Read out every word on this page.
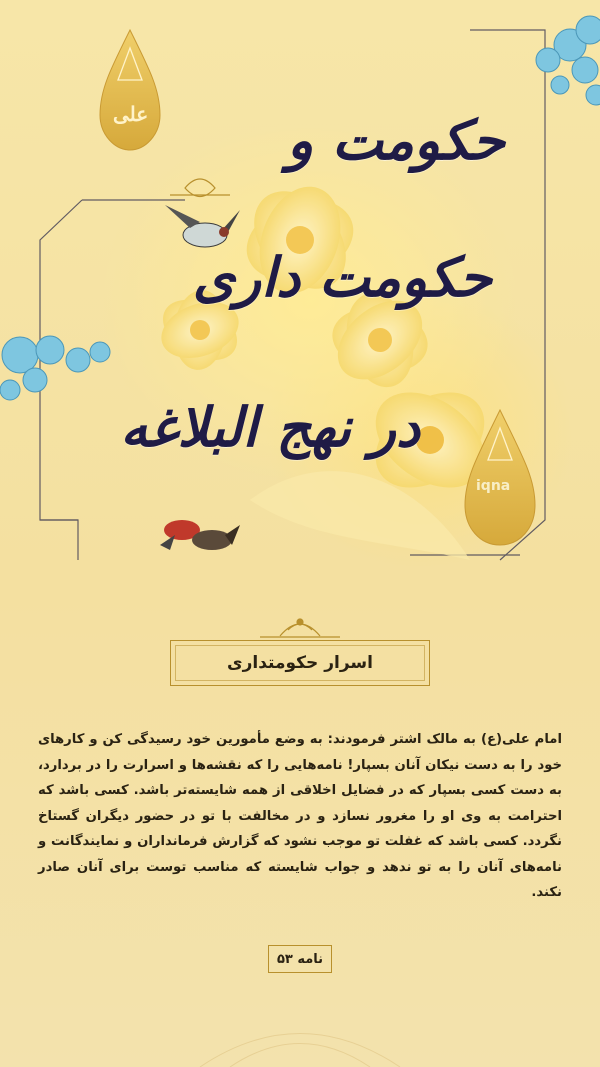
حکومت و
حکومت داری
در نهج البلاغه
علی
iqna
اسرار حکومتداری
امام علی(ع) به مالک اشتر فرمودند: به وضع مأمورین خود رسیدگی کن و کارهای خود را به دست نیکان آنان بسپار! نامه‌هایی را که نقشه‌ها و اسرارت را در بردارد، به دست کسی بسپار که در فضایل اخلاقی از همه شایسته‌تر باشد. کسی باشد که احترامت به وی او را مغرور نسازد و در مخالفت با تو در حضور دیگران گستاخ نگردد. کسی باشد که غفلت تو موجب نشود که گزارش فرمانداران و نمایندگانت و نامه‌های آنان را به تو ندهد و جواب شایسته که مناسب توست برای آنان صادر نکند.
نامه ۵۳
